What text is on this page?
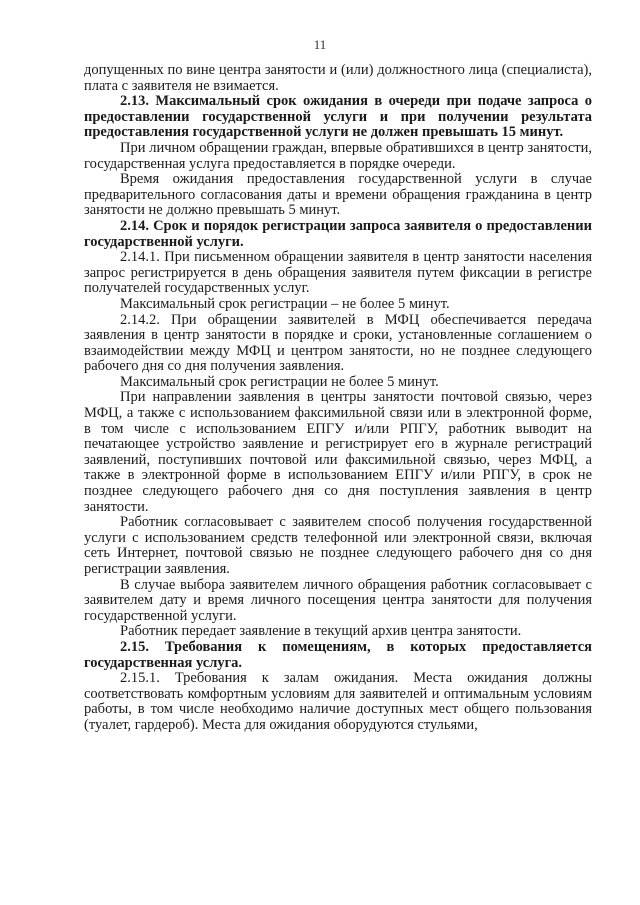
11

допущенных по вине центра занятости и (или) должностного лица (специалиста), плата с заявителя не взимается.

2.13. Максимальный срок ожидания в очереди при подаче запроса о предоставлении государственной услуги и при получении результата предоставления государственной услуги не должен превышать 15 минут.

При личном обращении граждан, впервые обратившихся в центр занятости, государственная услуга предоставляется в порядке очереди.

Время ожидания предоставления государственной услуги в случае предварительного согласования даты и времени обращения гражданина в центр занятости не должно превышать 5 минут.

2.14. Срок и порядок регистрации запроса заявителя о предоставлении государственной услуги.

2.14.1. При письменном обращении заявителя в центр занятости населения запрос регистрируется в день обращения заявителя путем фиксации в регистре получателей государственных услуг.

Максимальный срок регистрации – не более 5 минут.

2.14.2. При обращении заявителей в МФЦ обеспечивается передача заявления в центр занятости в порядке и сроки, установленные соглашением о взаимодействии между МФЦ и центром занятости, но не позднее следующего рабочего дня со дня получения заявления.

Максимальный срок регистрации не более 5 минут.

При направлении заявления в центры занятости почтовой связью, через МФЦ, а также с использованием факсимильной связи или в электронной форме, в том числе с использованием ЕПГУ и/или РПГУ, работник выводит на печатающее устройство заявление и регистрирует его в журнале регистраций заявлений, поступивших почтовой или факсимильной связью, через МФЦ, а также в электронной форме в использованием ЕПГУ и/или РПГУ, в срок не позднее следующего рабочего дня со дня поступления заявления в центр занятости.

Работник согласовывает с заявителем способ получения государственной услуги с использованием средств телефонной или электронной связи, включая сеть Интернет, почтовой связью не позднее следующего рабочего дня со дня регистрации заявления.

В случае выбора заявителем личного обращения работник согласовывает с заявителем дату и время личного посещения центра занятости для получения государственной услуги.

Работник передает заявление в текущий архив центра занятости.

2.15. Требования к помещениям, в которых предоставляется государственная услуга.

2.15.1. Требования к залам ожидания. Места ожидания должны соответствовать комфортным условиям для заявителей и оптимальным условиям работы, в том числе необходимо наличие доступных мест общего пользования (туалет, гардероб). Места для ожидания оборудуются стульями,
